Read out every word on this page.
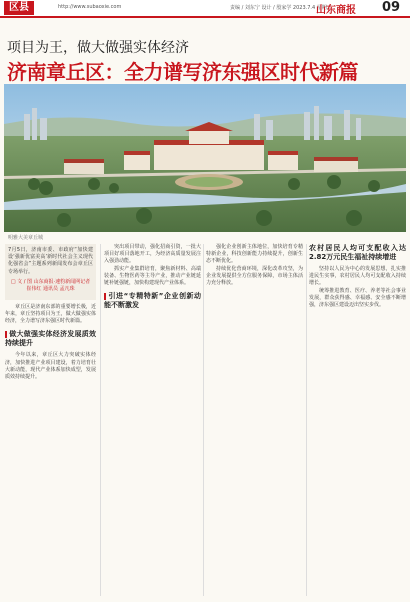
区县	http://www.subaoxie.com	责编 / 刘东宁 设计 / 殷家学 2023.7.4 星期二
山东商报 09
项目为王，做大做强实体经济
济南章丘区：全力谱写济东强区时代新篇
明雅大美章丘城

7月5日，济南市委、市政府“加快建设‘强新优富美高’新时代社会主义现代化强省会”主题系列新闻发布会章丘区专场举行。

□ 文 / 图 山东商报·速豹新闻网记者 崔伟红 通讯员 孟凡珠

章丘区是济南东部的重要增长极，近年来，章丘坚持项目为王，做大做强实体经济，全力谱写济东强区时代新篇。

做大做强实体经济发展质效持续提升

今年以来，章丘区大力突破实体经济，加快推进产业项目建设，着力培育壮大新动能，现代产业体系加快成型，发展质效持续提升。

突出项目带动，强化招商引资，一批大项目好项目落地开工，为经济高质量发展注入强劲动能。

抓实产业集群培育，聚焦新材料、高端装备、生物医药等主导产业，推动产业链延链补链强链，加快构建现代产业体系。

引进“专精特新”企业创新动能不断激发

强化企业创新主体地位，加快培育专精特新企业，科技创新能力持续提升，创新生态不断优化。

持续优化营商环境，深化改革攻坚，为企业发展提供全方位服务保障，市场主体活力充分释放。

农村居民人均可支配收入达2.82万元民生福祉持续增进

坚持以人民为中心的发展思想，扎实推进民生实事，农村居民人均可支配收入持续增长。

统筹推进教育、医疗、养老等社会事业发展，群众获得感、幸福感、安全感不断增强，济东强区建设迈出坚实步伐。
